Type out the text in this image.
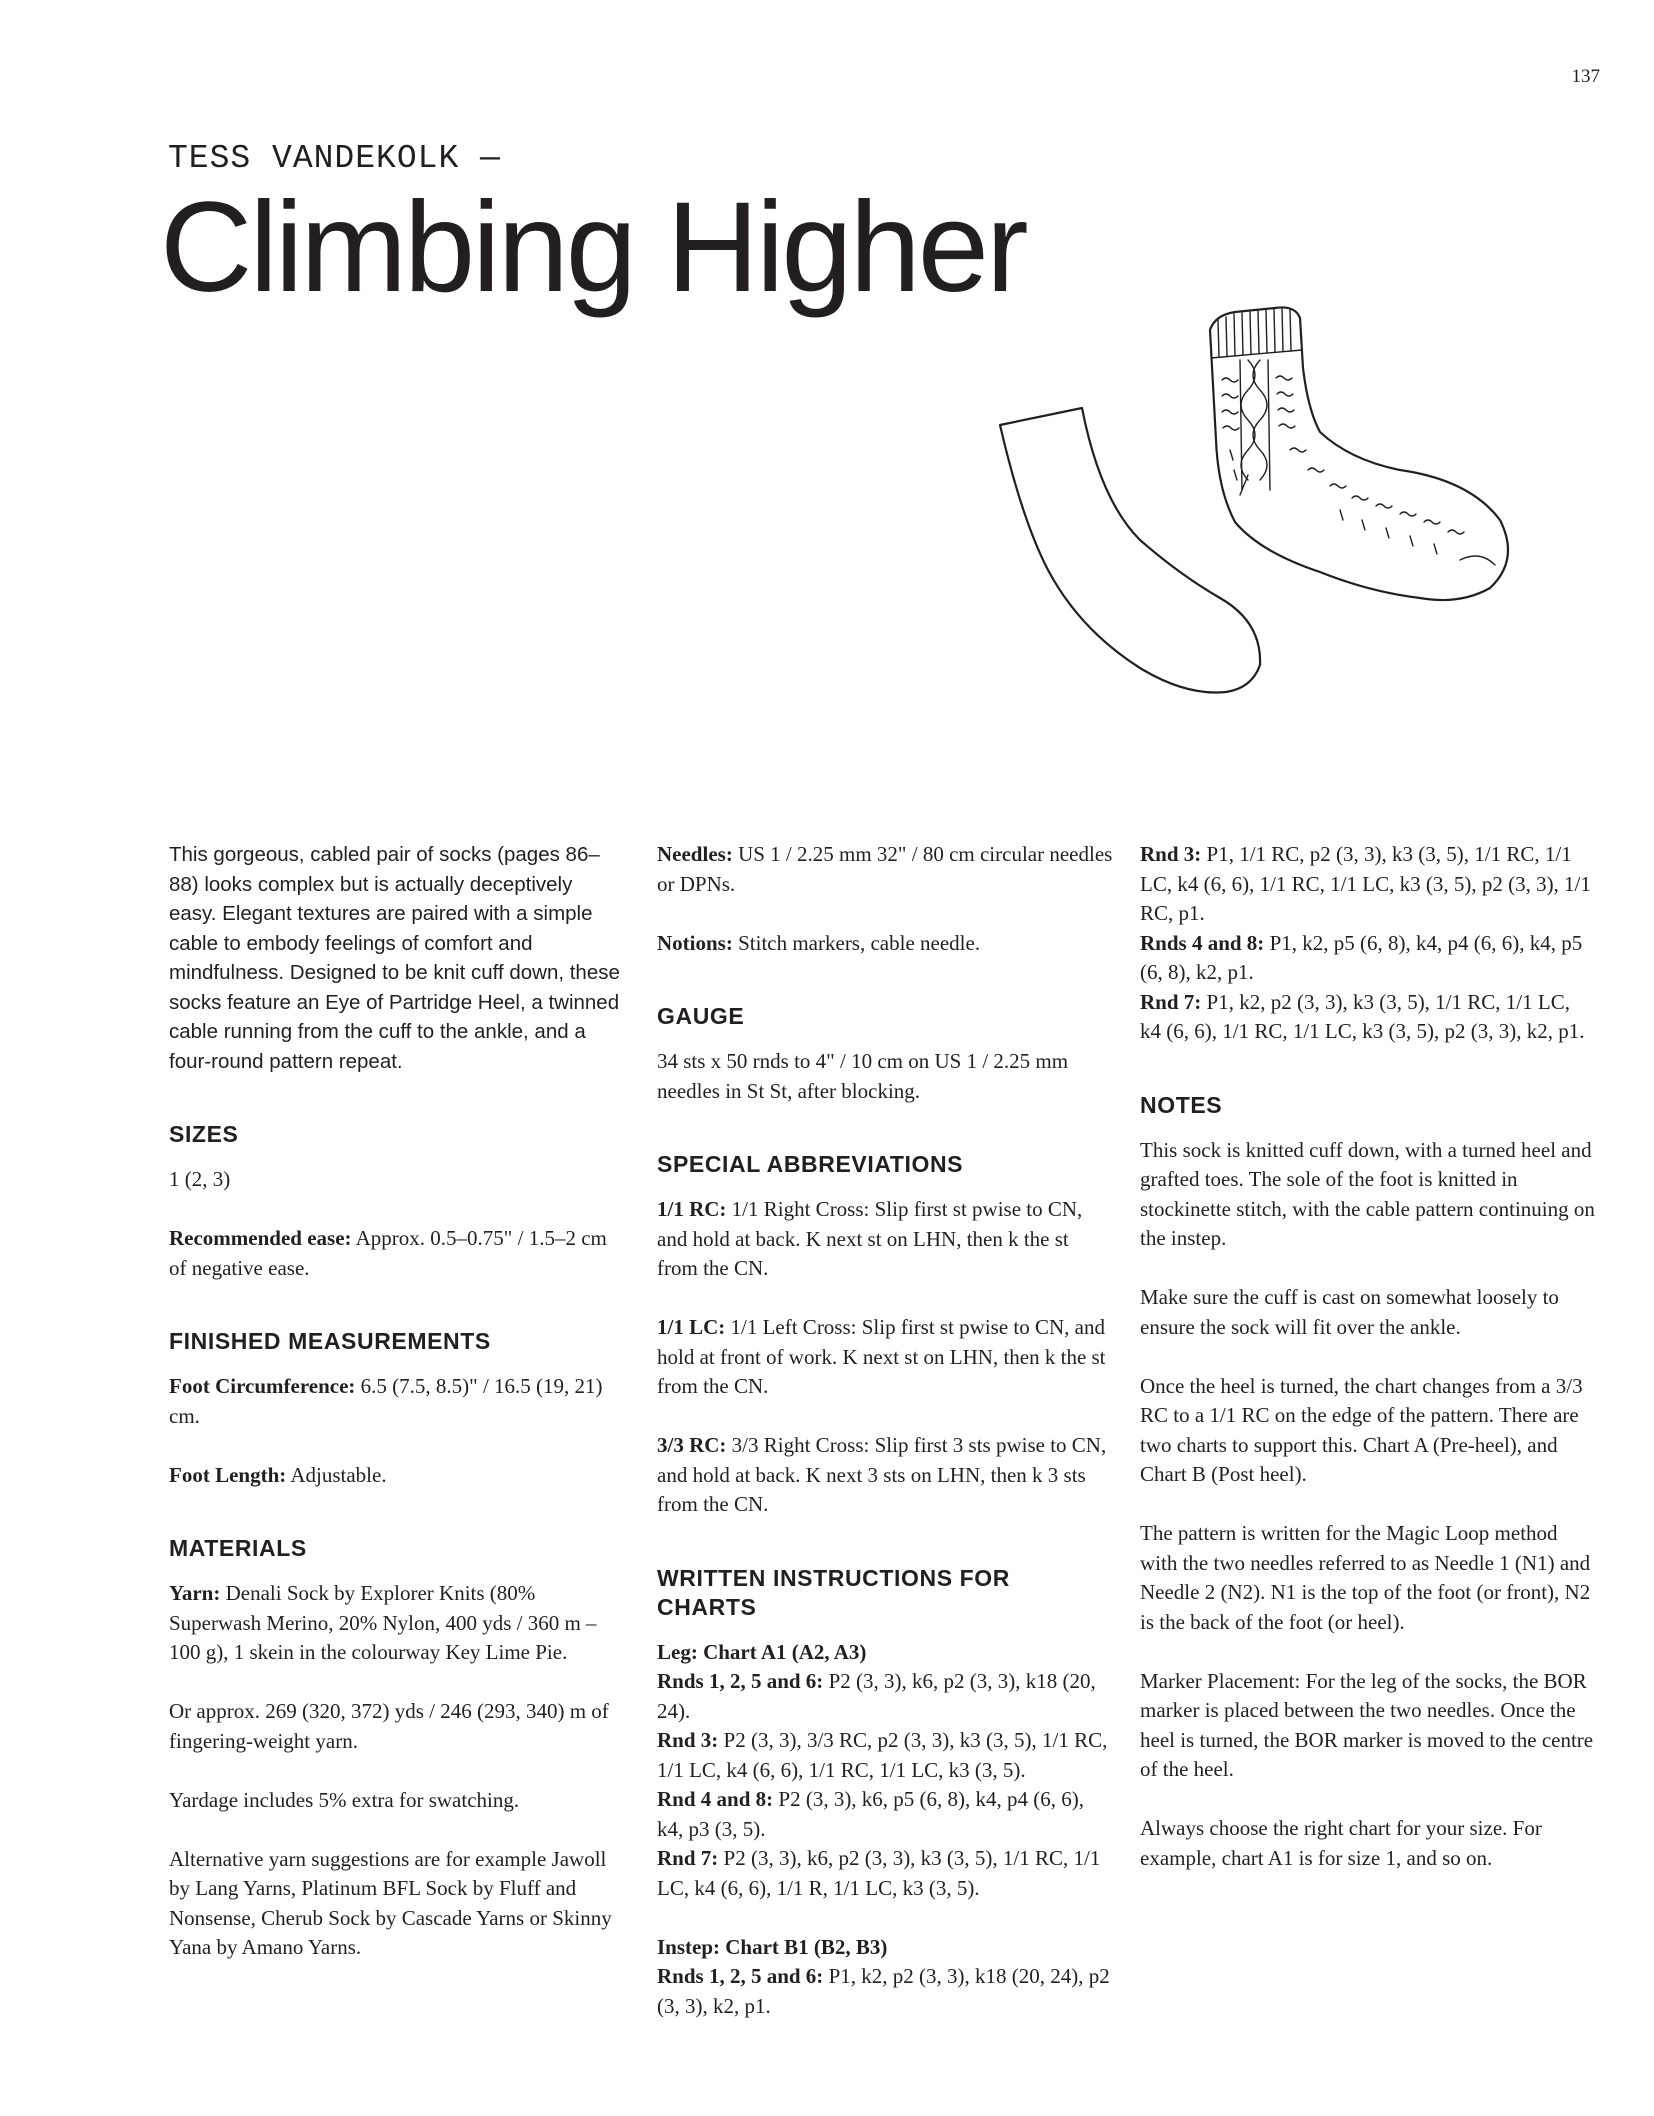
137
TESS VANDEKOLK —
Climbing Higher

This gorgeous, cabled pair of socks (pages 86–88) looks complex but is actually deceptively easy. Elegant textures are paired with a simple cable to embody feelings of comfort and mindfulness. Designed to be knit cuff down, these socks feature an Eye of Partridge Heel, a twinned cable running from the cuff to the ankle, and a four-round pattern repeat.

SIZES

1 (2, 3)

Recommended ease: Approx. 0.5–0.75" / 1.5–2 cm of negative ease.

FINISHED MEASUREMENTS

Foot Circumference: 6.5 (7.5, 8.5)" / 16.5 (19, 21) cm.

Foot Length: Adjustable.

MATERIALS

Yarn: Denali Sock by Explorer Knits (80% Superwash Merino, 20% Nylon, 400 yds / 360 m – 100 g), 1 skein in the colourway Key Lime Pie.

Or approx. 269 (320, 372) yds / 246 (293, 340) m of fingering-weight yarn.

Yardage includes 5% extra for swatching.

Alternative yarn suggestions are for example Jawoll by Lang Yarns, Platinum BFL Sock by Fluff and Nonsense, Cherub Sock by Cascade Yarns or Skinny Yana by Amano Yarns.

Needles: US 1 / 2.25 mm 32" / 80 cm circular needles or DPNs.

Notions: Stitch markers, cable needle.

GAUGE

34 sts x 50 rnds to 4" / 10 cm on US 1 / 2.25 mm needles in St St, after blocking.

SPECIAL ABBREVIATIONS

1/1 RC: 1/1 Right Cross: Slip first st pwise to CN, and hold at back. K next st on LHN, then k the st from the CN.

1/1 LC: 1/1 Left Cross: Slip first st pwise to CN, and hold at front of work. K next st on LHN, then k the st from the CN.

3/3 RC: 3/3 Right Cross: Slip first 3 sts pwise to CN, and hold at back. K next 3 sts on LHN, then k 3 sts from the CN.

WRITTEN INSTRUCTIONS FOR CHARTS

Leg: Chart A1 (A2, A3)
Rnds 1, 2, 5 and 6: P2 (3, 3), k6, p2 (3, 3), k18 (20, 24).
Rnd 3: P2 (3, 3), 3/3 RC, p2 (3, 3), k3 (3, 5), 1/1 RC, 1/1 LC, k4 (6, 6), 1/1 RC, 1/1 LC, k3 (3, 5).
Rnd 4 and 8: P2 (3, 3), k6, p5 (6, 8), k4, p4 (6, 6), k4, p3 (3, 5).
Rnd 7: P2 (3, 3), k6, p2 (3, 3), k3 (3, 5), 1/1 RC, 1/1 LC, k4 (6, 6), 1/1 R, 1/1 LC, k3 (3, 5).

Instep: Chart B1 (B2, B3)
Rnds 1, 2, 5 and 6: P1, k2, p2 (3, 3), k18 (20, 24), p2 (3, 3), k2, p1.

Rnd 3: P1, 1/1 RC, p2 (3, 3), k3 (3, 5), 1/1 RC, 1/1 LC, k4 (6, 6), 1/1 RC, 1/1 LC, k3 (3, 5), p2 (3, 3), 1/1 RC, p1.
Rnds 4 and 8: P1, k2, p5 (6, 8), k4, p4 (6, 6), k4, p5 (6, 8), k2, p1.
Rnd 7: P1, k2, p2 (3, 3), k3 (3, 5), 1/1 RC, 1/1 LC, k4 (6, 6), 1/1 RC, 1/1 LC, k3 (3, 5), p2 (3, 3), k2, p1.

NOTES

This sock is knitted cuff down, with a turned heel and grafted toes. The sole of the foot is knitted in stockinette stitch, with the cable pattern continuing on the instep.

Make sure the cuff is cast on somewhat loosely to ensure the sock will fit over the ankle.

Once the heel is turned, the chart changes from a 3/3 RC to a 1/1 RC on the edge of the pattern. There are two charts to support this. Chart A (Pre-heel), and Chart B (Post heel).

The pattern is written for the Magic Loop method with the two needles referred to as Needle 1 (N1) and Needle 2 (N2). N1 is the top of the foot (or front), N2 is the back of the foot (or heel).

Marker Placement: For the leg of the socks, the BOR marker is placed between the two needles. Once the heel is turned, the BOR marker is moved to the centre of the heel.

Always choose the right chart for your size. For example, chart A1 is for size 1, and so on.
